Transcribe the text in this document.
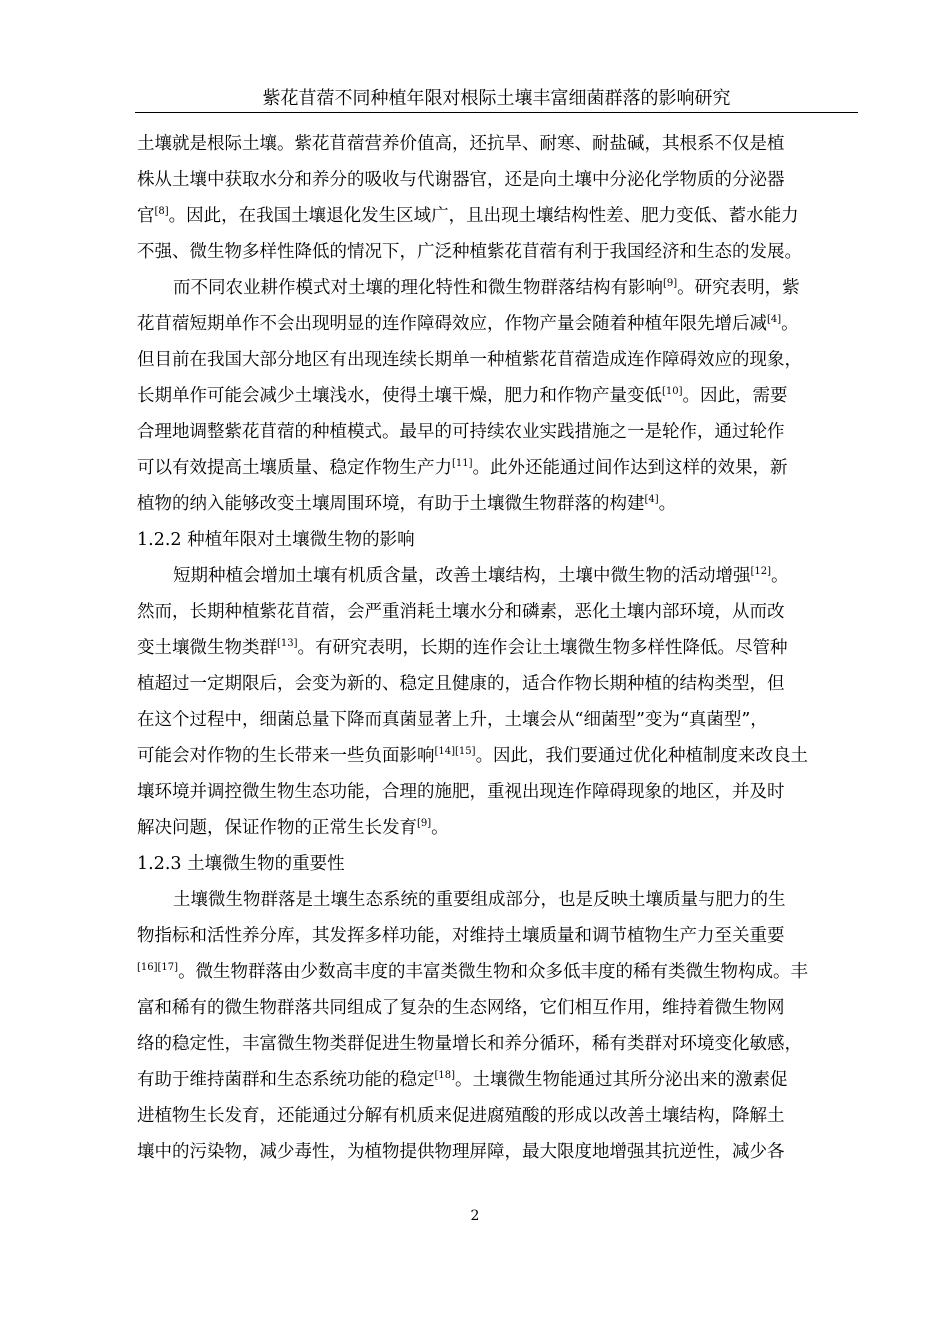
紫花苜蓿不同种植年限对根际土壤丰富细菌群落的影响研究
土壤就是根际土壤。紫花苜蓿营养价值高，还抗旱、耐寒、耐盐碱，其根系不仅是植
株从土壤中获取水分和养分的吸收与代谢器官，还是向土壤中分泌化学物质的分泌器
官[8]。因此，在我国土壤退化发生区域广，且出现土壤结构性差、肥力变低、蓄水能力
不强、微生物多样性降低的情况下，广泛种植紫花苜蓿有利于我国经济和生态的发展。
而不同农业耕作模式对土壤的理化特性和微生物群落结构有影响[9]。研究表明，紫
花苜蓿短期单作不会出现明显的连作障碍效应，作物产量会随着种植年限先增后减[4]。
但目前在我国大部分地区有出现连续长期单一种植紫花苜蓿造成连作障碍效应的现象，
长期单作可能会减少土壤浅水，使得土壤干燥，肥力和作物产量变低[10]。因此，需要
合理地调整紫花苜蓿的种植模式。最早的可持续农业实践措施之一是轮作，通过轮作
可以有效提高土壤质量、稳定作物生产力[11]。此外还能通过间作达到这样的效果，新
植物的纳入能够改变土壤周围环境，有助于土壤微生物群落的构建[4]。
1.2.2 种植年限对土壤微生物的影响
短期种植会增加土壤有机质含量，改善土壤结构，土壤中微生物的活动增强[12]。
然而，长期种植紫花苜蓿，会严重消耗土壤水分和磷素，恶化土壤内部环境，从而改
变土壤微生物类群[13]。有研究表明，长期的连作会让土壤微生物多样性降低。尽管种
植超过一定期限后，会变为新的、稳定且健康的，适合作物长期种植的结构类型，但
在这个过程中，细菌总量下降而真菌显著上升，土壤会从“细菌型”变为“真菌型”，
可能会对作物的生长带来一些负面影响[14][15]。因此，我们要通过优化种植制度来改良土
壤环境并调控微生物生态功能，合理的施肥，重视出现连作障碍现象的地区，并及时
解决问题，保证作物的正常生长发育[9]。
1.2.3 土壤微生物的重要性
土壤微生物群落是土壤生态系统的重要组成部分，也是反映土壤质量与肥力的生
物指标和活性养分库，其发挥多样功能，对维持土壤质量和调节植物生产力至关重要
[16][17]。微生物群落由少数高丰度的丰富类微生物和众多低丰度的稀有类微生物构成。丰
富和稀有的微生物群落共同组成了复杂的生态网络，它们相互作用，维持着微生物网
络的稳定性，丰富微生物类群促进生物量增长和养分循环，稀有类群对环境变化敏感，
有助于维持菌群和生态系统功能的稳定[18]。土壤微生物能通过其所分泌出来的激素促
进植物生长发育，还能通过分解有机质来促进腐殖酸的形成以改善土壤结构，降解土
壤中的污染物，减少毒性，为植物提供物理屏障，最大限度地增强其抗逆性，减少各
2
